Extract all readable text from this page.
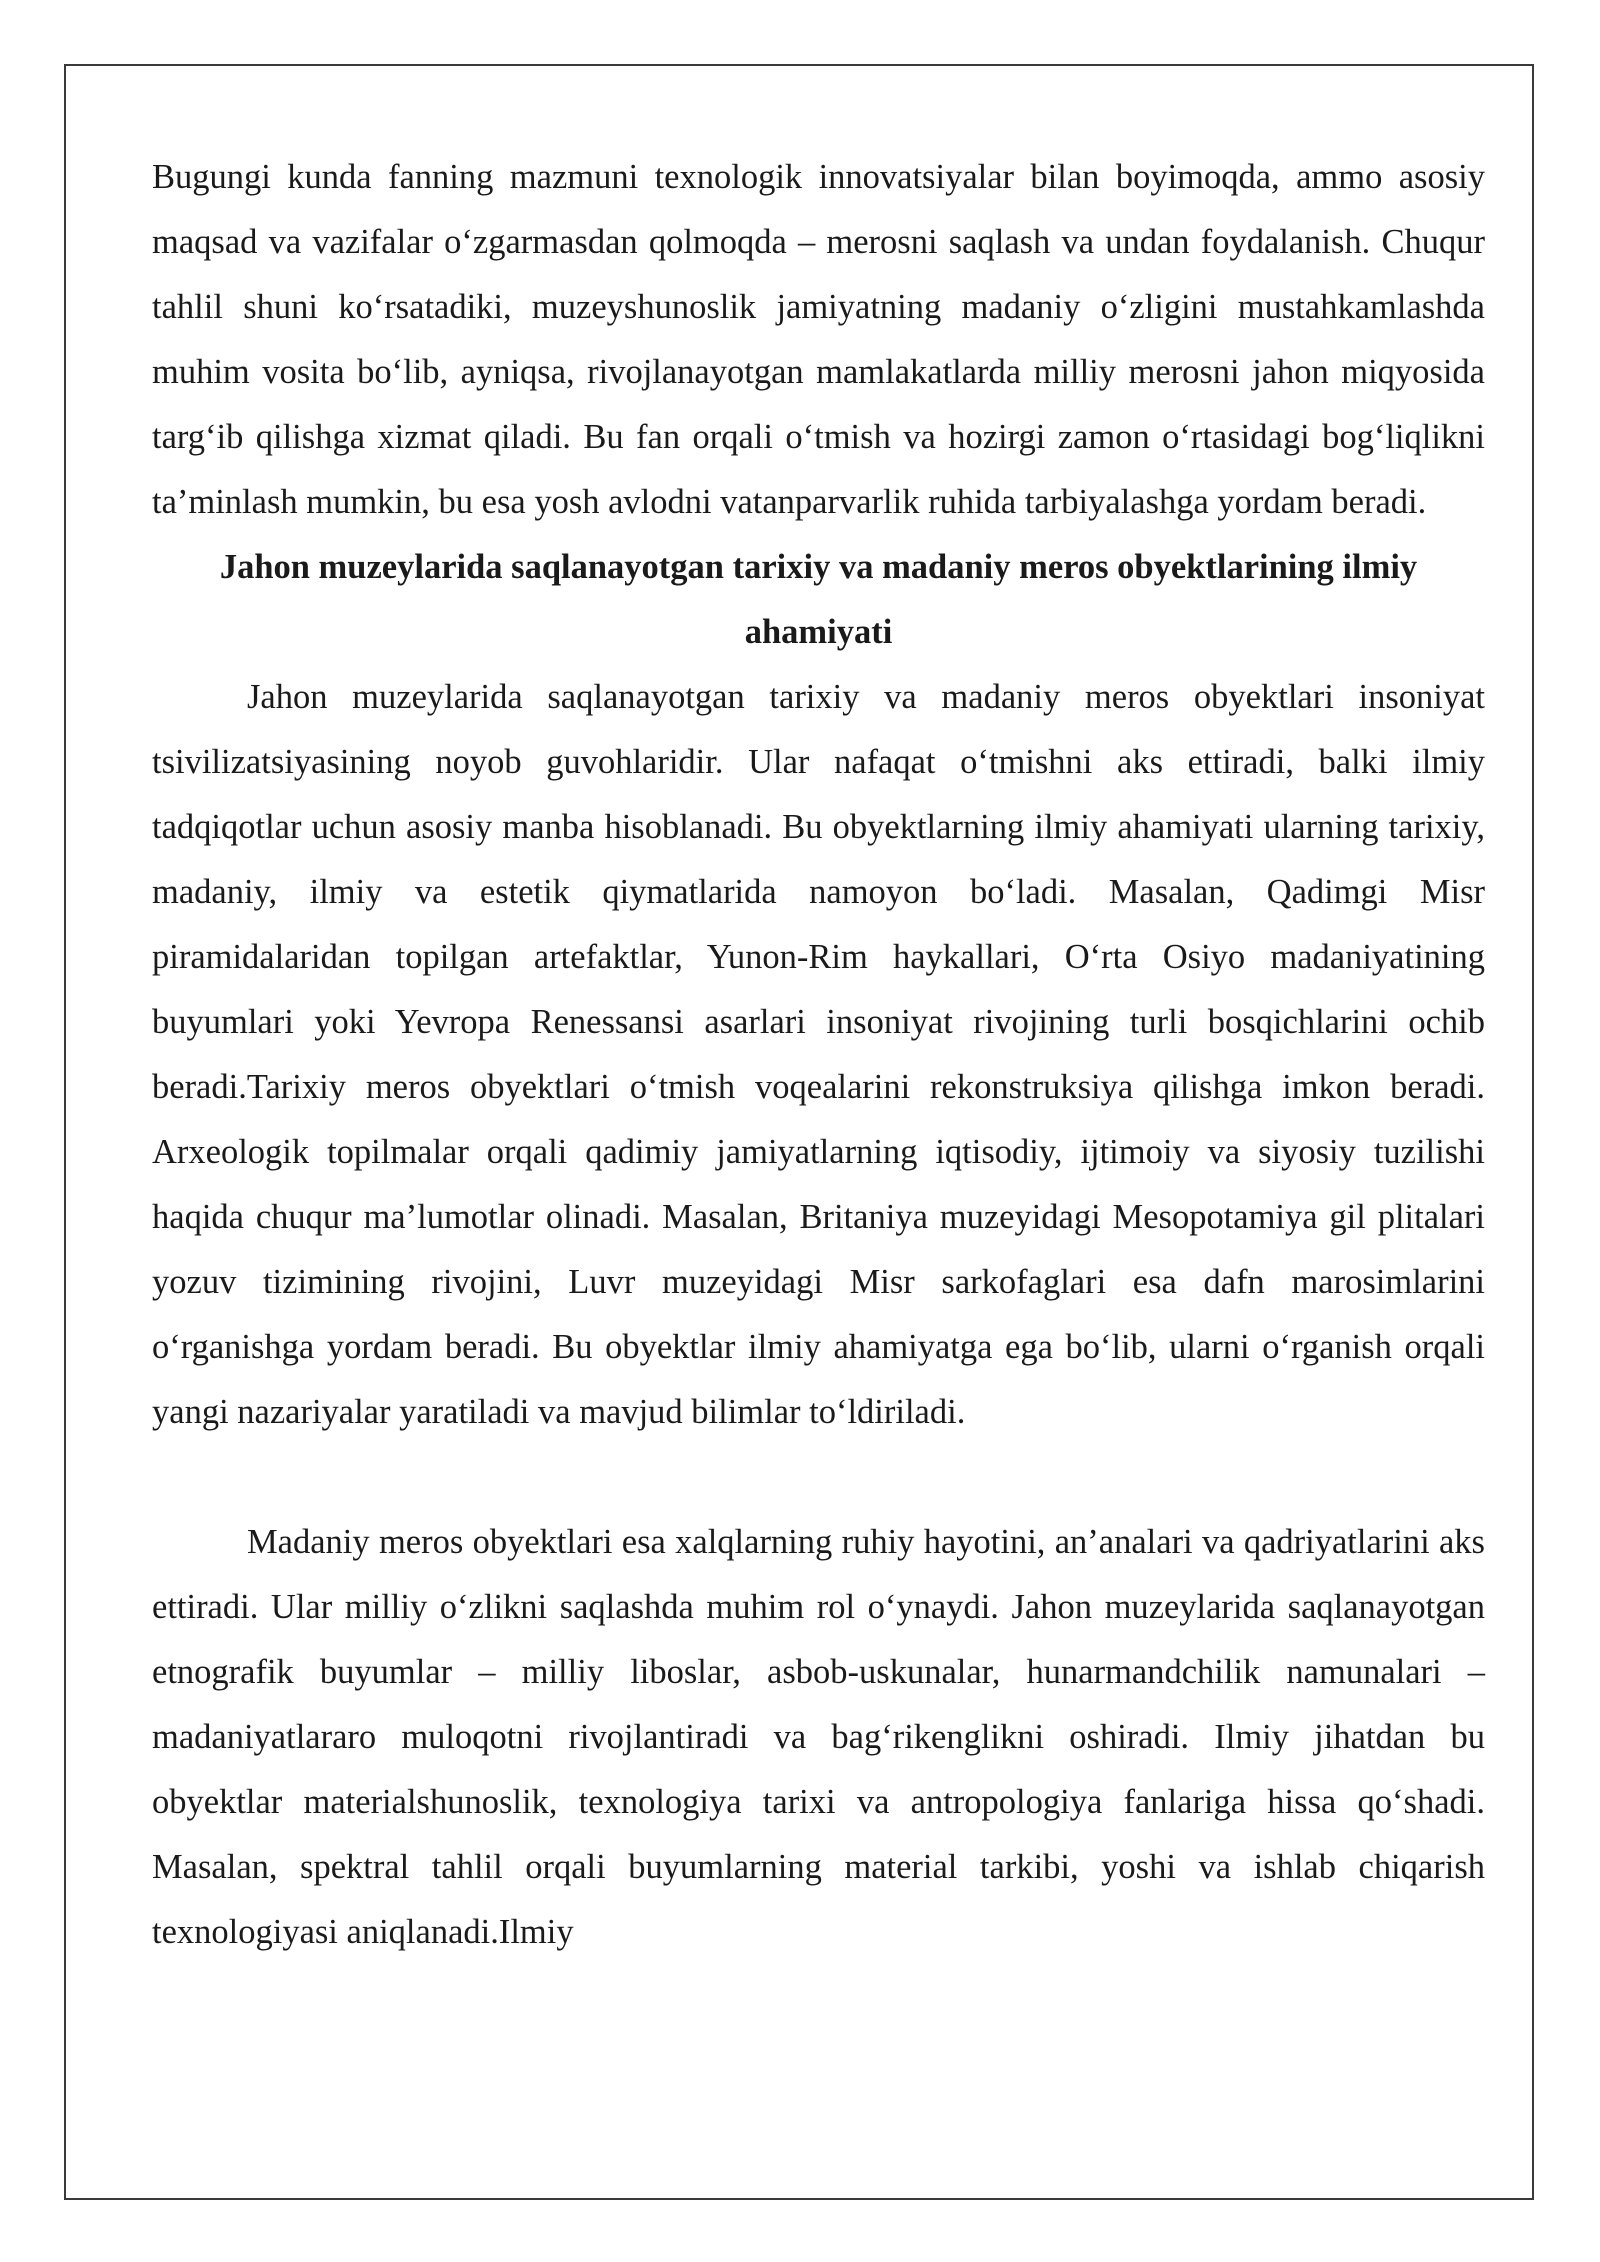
Bugungi kunda fanning mazmuni texnologik innovatsiyalar bilan boyimoqda, ammo asosiy maqsad va vazifalar o‘zgarmasdan qolmoqda – merosni saqlash va undan foydalanish. Chuqur tahlil shuni ko‘rsatadiki, muzeyshunoslik jamiyatning madaniy o‘zligini mustahkamlashda muhim vosita bo‘lib, ayniqsa, rivojlanayotgan mamlakatlarda milliy merosni jahon miqyosida targ‘ib qilishga xizmat qiladi. Bu fan orqali o‘tmish va hozirgi zamon o‘rtasidagi bog‘liqlikni ta’minlash mumkin, bu esa yosh avlodni vatanparvarlik ruhida tarbiyalashga yordam beradi.

Jahon muzeylarida saqlanayotgan tarixiy va madaniy meros obyektlarining ilmiy ahamiyati

Jahon muzeylarida saqlanayotgan tarixiy va madaniy meros obyektlari insoniyat tsivilizatsiyasining noyob guvohlaridir. Ular nafaqat o‘tmishni aks ettiradi, balki ilmiy tadqiqotlar uchun asosiy manba hisoblanadi. Bu obyektlarning ilmiy ahamiyati ularning tarixiy, madaniy, ilmiy va estetik qiymatlarida namoyon bo‘ladi. Masalan, Qadimgi Misr piramidalaridan topilgan artefaktlar, Yunon-Rim haykallari, O‘rta Osiyo madaniyatining buyumlari yoki Yevropa Renessansi asarlari insoniyat rivojining turli bosqichlarini ochib beradi.Tarixiy meros obyektlari o‘tmish voqealarini rekonstruksiya qilishga imkon beradi. Arxeologik topilmalar orqali qadimiy jamiyatlarning iqtisodiy, ijtimoiy va siyosiy tuzilishi haqida chuqur ma’lumotlar olinadi. Masalan, Britaniya muzeyidagi Mesopotamiya gil plitalari yozuv tizimining rivojini, Luvr muzeyidagi Misr sarkofaglari esa dafn marosimlarini o‘rganishga yordam beradi. Bu obyektlar ilmiy ahamiyatga ega bo‘lib, ularni o‘rganish orqali yangi nazariyalar yaratiladi va mavjud bilimlar to‘ldiriladi.

Madaniy meros obyektlari esa xalqlarning ruhiy hayotini, an’analari va qadriyatlarini aks ettiradi. Ular milliy o‘zlikni saqlashda muhim rol o‘ynaydi. Jahon muzeylarida saqlanayotgan etnografik buyumlar – milliy liboslar, asbob-uskunalar, hunarmandchilik namunalari – madaniyatlararo muloqotni rivojlantiradi va bag‘rikenglikni oshiradi. Ilmiy jihatdan bu obyektlar materialshunoslik, texnologiya tarixi va antropologiya fanlariga hissa qo‘shadi. Masalan, spektral tahlil orqali buyumlarning material tarkibi, yoshi va ishlab chiqarish texnologiyasi aniqlanadi.Ilmiy
